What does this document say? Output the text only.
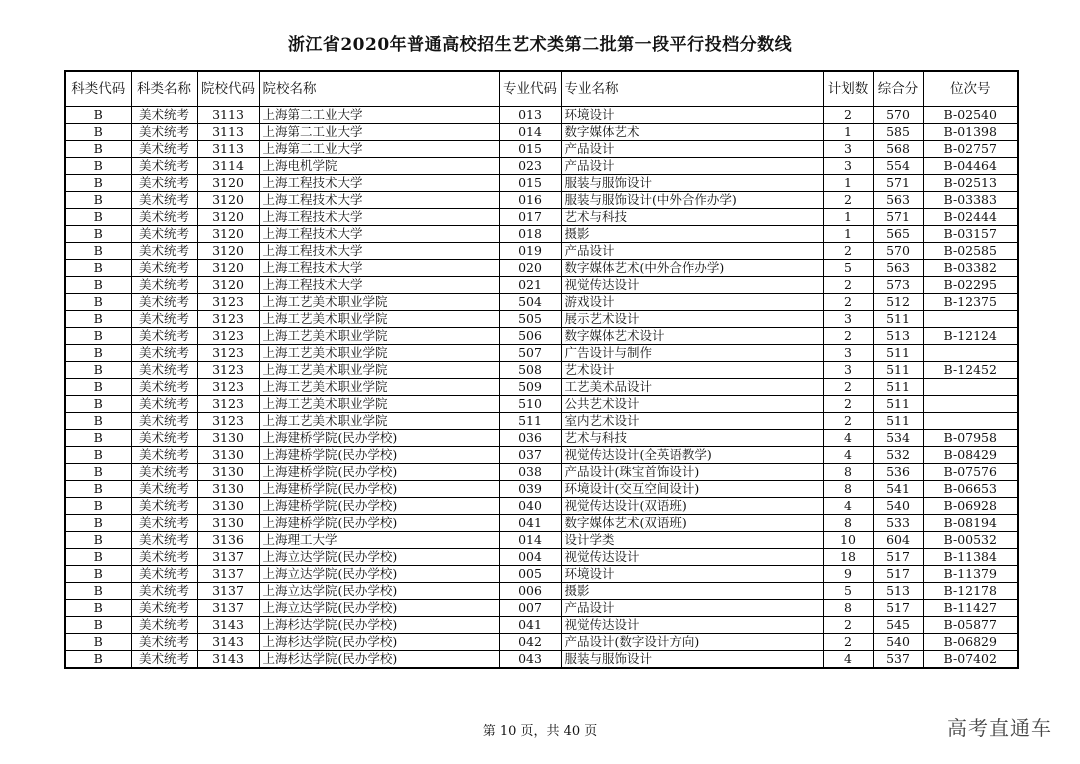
浙江省2020年普通高校招生艺术类第二批第一段平行投档分数线
科类代码	科类名称	院校代码	院校名称	专业代码	专业名称	计划数	综合分	位次号
B	美术统考	3113	上海第二工业大学	013	环境设计	2	570	B-02540
B	美术统考	3113	上海第二工业大学	014	数字媒体艺术	1	585	B-01398
B	美术统考	3113	上海第二工业大学	015	产品设计	3	568	B-02757
B	美术统考	3114	上海电机学院	023	产品设计	3	554	B-04464
B	美术统考	3120	上海工程技术大学	015	服装与服饰设计	1	571	B-02513
B	美术统考	3120	上海工程技术大学	016	服装与服饰设计(中外合作办学)	2	563	B-03383
B	美术统考	3120	上海工程技术大学	017	艺术与科技	1	571	B-02444
B	美术统考	3120	上海工程技术大学	018	摄影	1	565	B-03157
B	美术统考	3120	上海工程技术大学	019	产品设计	2	570	B-02585
B	美术统考	3120	上海工程技术大学	020	数字媒体艺术(中外合作办学)	5	563	B-03382
B	美术统考	3120	上海工程技术大学	021	视觉传达设计	2	573	B-02295
B	美术统考	3123	上海工艺美术职业学院	504	游戏设计	2	512	B-12375
B	美术统考	3123	上海工艺美术职业学院	505	展示艺术设计	3	511	
B	美术统考	3123	上海工艺美术职业学院	506	数字媒体艺术设计	2	513	B-12124
B	美术统考	3123	上海工艺美术职业学院	507	广告设计与制作	3	511	
B	美术统考	3123	上海工艺美术职业学院	508	艺术设计	3	511	B-12452
B	美术统考	3123	上海工艺美术职业学院	509	工艺美术品设计	2	511	
B	美术统考	3123	上海工艺美术职业学院	510	公共艺术设计	2	511	
B	美术统考	3123	上海工艺美术职业学院	511	室内艺术设计	2	511	
B	美术统考	3130	上海建桥学院(民办学校)	036	艺术与科技	4	534	B-07958
B	美术统考	3130	上海建桥学院(民办学校)	037	视觉传达设计(全英语教学)	4	532	B-08429
B	美术统考	3130	上海建桥学院(民办学校)	038	产品设计(珠宝首饰设计)	8	536	B-07576
B	美术统考	3130	上海建桥学院(民办学校)	039	环境设计(交互空间设计)	8	541	B-06653
B	美术统考	3130	上海建桥学院(民办学校)	040	视觉传达设计(双语班)	4	540	B-06928
B	美术统考	3130	上海建桥学院(民办学校)	041	数字媒体艺术(双语班)	8	533	B-08194
B	美术统考	3136	上海理工大学	014	设计学类	10	604	B-00532
B	美术统考	3137	上海立达学院(民办学校)	004	视觉传达设计	18	517	B-11384
B	美术统考	3137	上海立达学院(民办学校)	005	环境设计	9	517	B-11379
B	美术统考	3137	上海立达学院(民办学校)	006	摄影	5	513	B-12178
B	美术统考	3137	上海立达学院(民办学校)	007	产品设计	8	517	B-11427
B	美术统考	3143	上海杉达学院(民办学校)	041	视觉传达设计	2	545	B-05877
B	美术统考	3143	上海杉达学院(民办学校)	042	产品设计(数字设计方向)	2	540	B-06829
B	美术统考	3143	上海杉达学院(民办学校)	043	服装与服饰设计	4	537	B-07402
第 10 页，共 40 页	高考直通车
